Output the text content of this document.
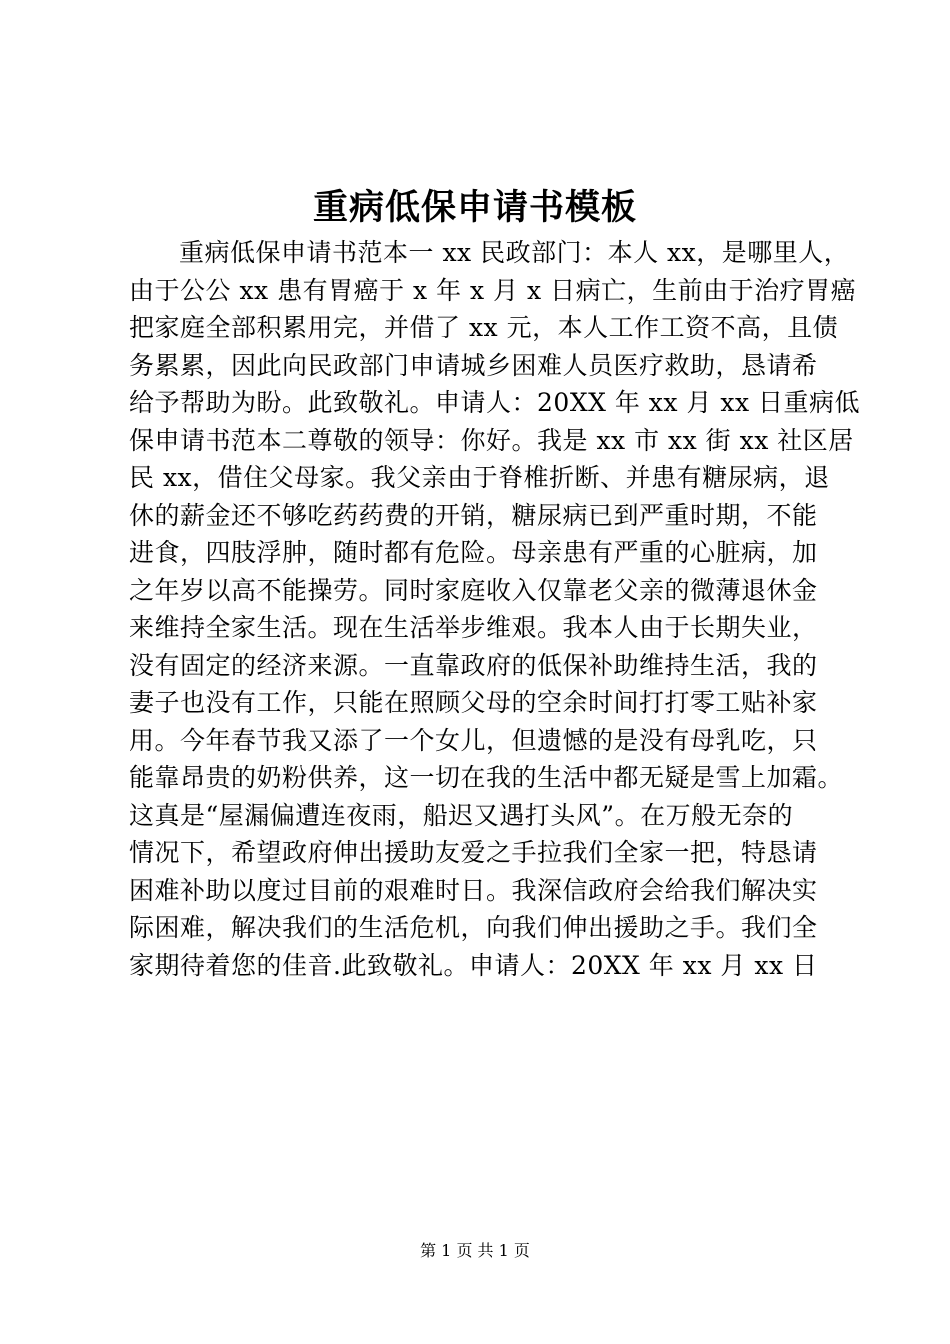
重病低保申请书模板
重病低保申请书范本一 xx 民政部门：本人 xx，是哪里人，
由于公公 xx 患有胃癌于 x 年 x 月 x 日病亡，生前由于治疗胃癌
把家庭全部积累用完，并借了 xx 元，本人工作工资不高，且债
务累累，因此向民政部门申请城乡困难人员医疗救助，恳请希
给予帮助为盼。此致敬礼。申请人：20XX 年 xx 月 xx 日重病低
保申请书范本二尊敬的领导：你好。我是 xx 市 xx 街 xx 社区居
民 xx，借住父母家。我父亲由于脊椎折断、并患有糖尿病，退
休的薪金还不够吃药药费的开销，糖尿病已到严重时期，不能
进食，四肢浮肿，随时都有危险。母亲患有严重的心脏病，加
之年岁以高不能操劳。同时家庭收入仅靠老父亲的微薄退休金
来维持全家生活。现在生活举步维艰。我本人由于长期失业，
没有固定的经济来源。一直靠政府的低保补助维持生活，我的
妻子也没有工作，只能在照顾父母的空余时间打打零工贴补家
用。今年春节我又添了一个女儿，但遗憾的是没有母乳吃，只
能靠昂贵的奶粉供养，这一切在我的生活中都无疑是雪上加霜。
这真是“屋漏偏遭连夜雨，船迟又遇打头风”。在万般无奈的
情况下，希望政府伸出援助友爱之手拉我们全家一把，特恳请
困难补助以度过目前的艰难时日。我深信政府会给我们解决实
际困难，解决我们的生活危机，向我们伸出援助之手。我们全
家期待着您的佳音.此致敬礼。申请人：20XX 年 xx 月 xx 日
第 1 页 共 1 页
